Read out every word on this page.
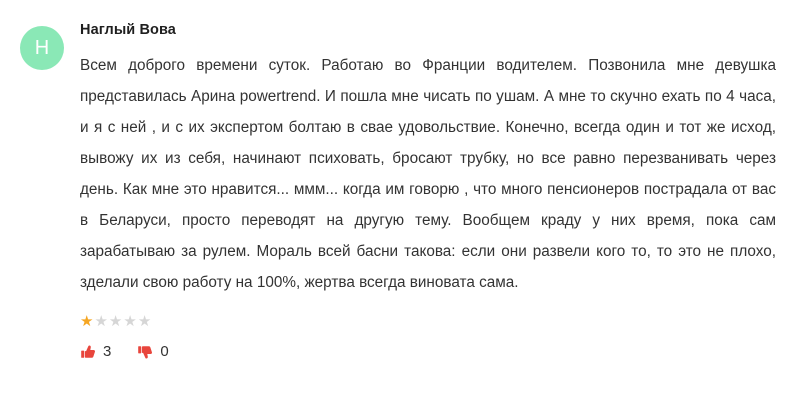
Н
Наглый Вова

Всем доброго времени суток. Работаю во Франции водителем. Позвонила мне девушка представилась Арина powertrend. И пошла мне чисать по ушам. А мне то скучно ехать по 4 часа, и я с ней , и с их экспертом болтаю в свае удовольствие. Конечно, всегда один и тот же исход, вывожу их из себя, начинают психовать, бросают трубку, но все равно перезванивать через день. Как мне это нравится... ммм... когда им говорю , что много пенсионеров пострадала от вас в Беларуси, просто переводят на другую тему. Вообщем краду у них время, пока сам зарабатываю за рулем. Мораль всей басни такова: если они развели кого то, то это не плохо, зделали свою работу на 100%, жертва всегда виновата сама.

★ ★ ★ ★ ★
3	0
